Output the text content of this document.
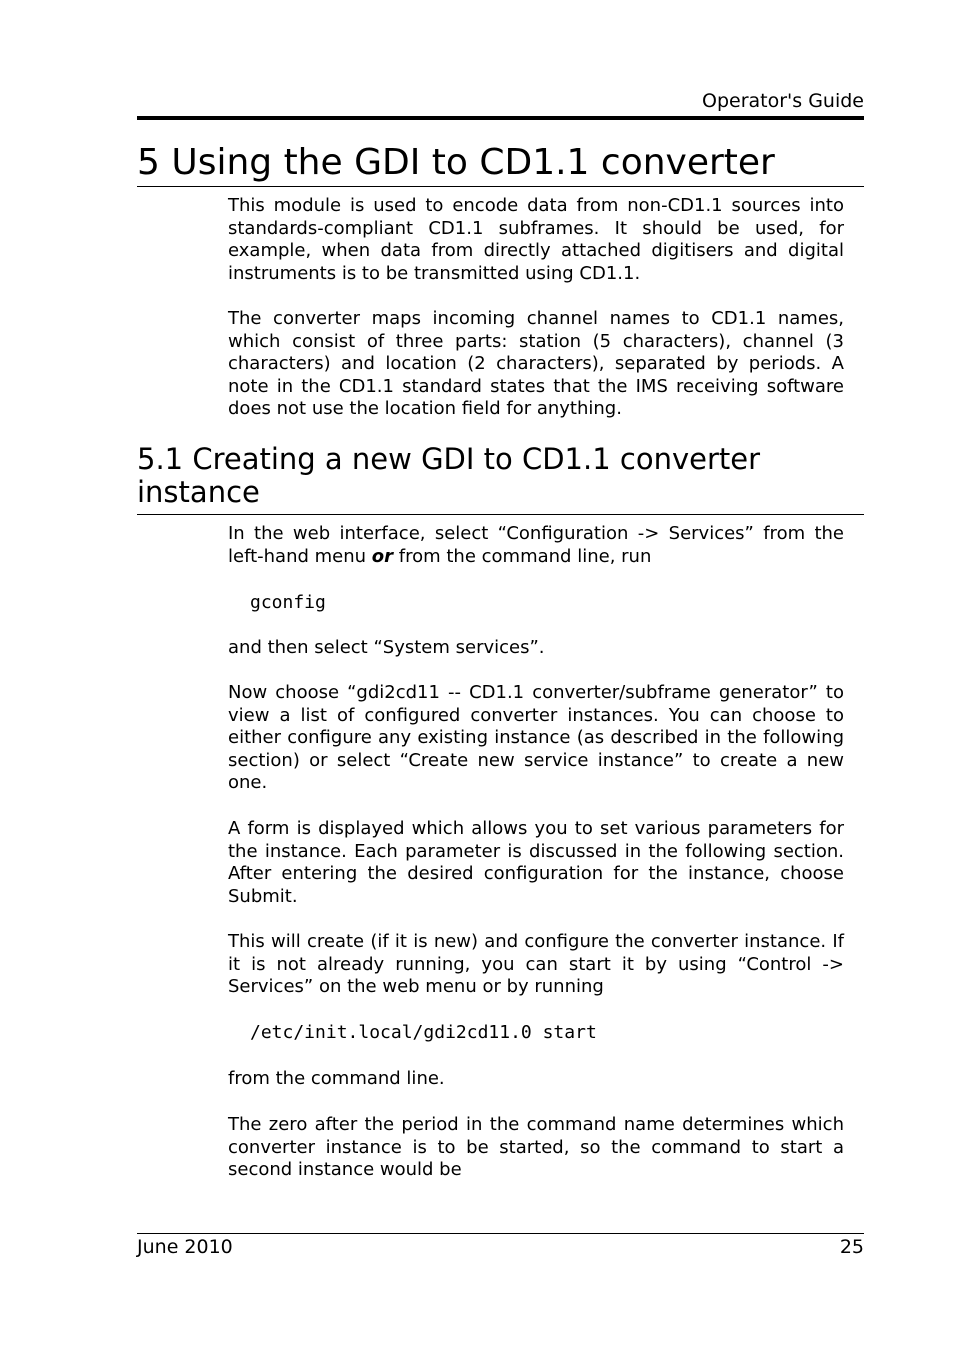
Operator's Guide
5 Using the GDI to CD1.1 converter

This module is used to encode data from non-CD1.1 sources into standards-compliant CD1.1 subframes. It should be used, for example, when data from directly attached digitisers and digital instruments is to be transmitted using CD1.1.

The converter maps incoming channel names to CD1.1 names, which consist of three parts: station (5 characters), channel (3 characters) and location (2 characters), separated by periods. A note in the CD1.1 standard states that the IMS receiving software does not use the location field for anything.

5.1 Creating a new GDI to CD1.1 converter instance

In the web interface, select “Configuration -> Services” from the left-hand menu or from the command line, run

gconfig

and then select “System services”.

Now choose “gdi2cd11 -- CD1.1 converter/subframe generator” to view a list of configured converter instances. You can choose to either configure any existing instance (as described in the following section) or select “Create new service instance” to create a new one.

A form is displayed which allows you to set various parameters for the instance. Each parameter is discussed in the following section. After entering the desired configuration for the instance, choose Submit.

This will create (if it is new) and configure the converter instance. If it is not already running, you can start it by using “Control -> Services” on the web menu or by running

/etc/init.local/gdi2cd11.0 start

from the command line.

The zero after the period in the command name determines which converter instance is to be started, so the command to start a second instance would be

June 2010	25
